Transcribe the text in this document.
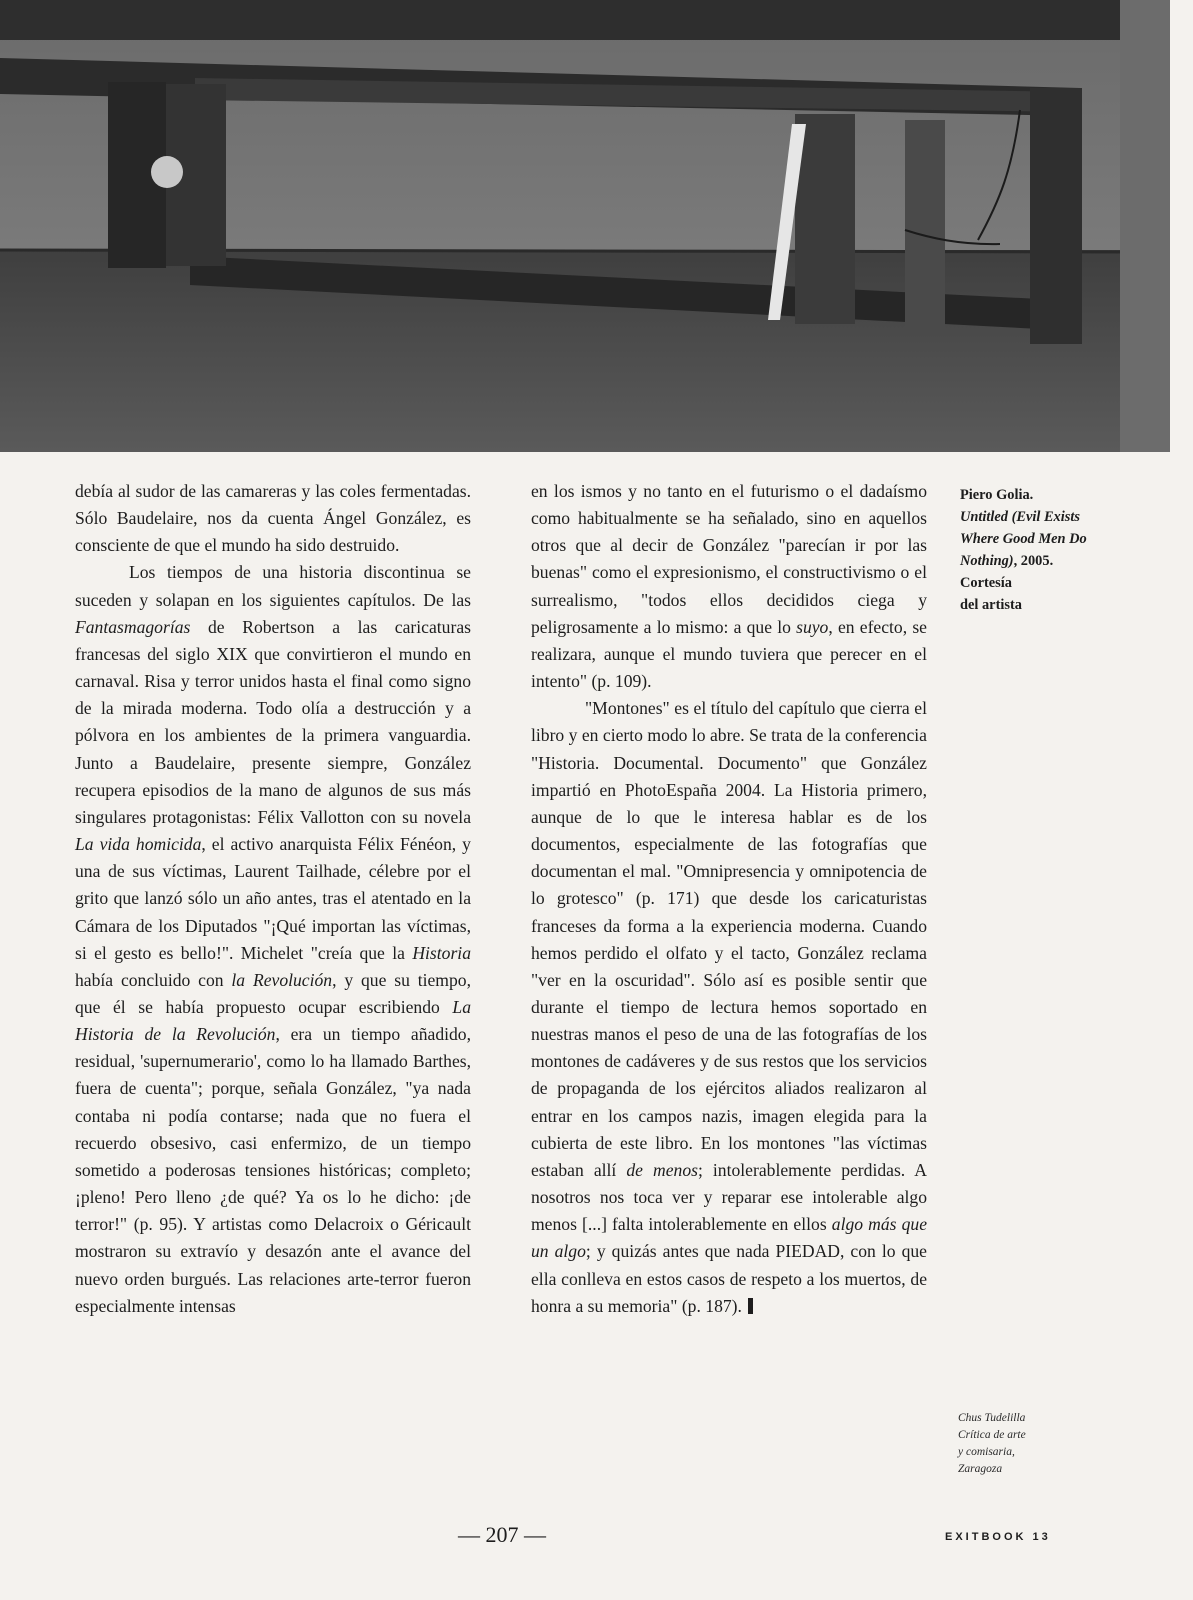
debía al sudor de las camareras y las coles fermentadas. Sólo Baudelaire, nos da cuenta Ángel González, es consciente de que el mundo ha sido destruido.

Los tiempos de una historia discontinua se suceden y solapan en los siguientes capítulos. De las Fantasmagorías de Robertson a las caricaturas francesas del siglo XIX que convirtieron el mundo en carnaval. Risa y terror unidos hasta el final como signo de la mirada moderna. Todo olía a destrucción y a pólvora en los ambientes de la primera vanguardia. Junto a Baudelaire, presente siempre, González recupera episodios de la mano de algunos de sus más singulares protagonistas: Félix Vallotton con su novela La vida homicida, el activo anarquista Félix Fénéon, y una de sus víctimas, Laurent Tailhade, célebre por el grito que lanzó sólo un año antes, tras el atentado en la Cámara de los Diputados "¡Qué importan las víctimas, si el gesto es bello!". Michelet "creía que la Historia había concluido con la Revolución, y que su tiempo, que él se había propuesto ocupar escribiendo La Historia de la Revolución, era un tiempo añadido, residual, 'supernumerario', como lo ha llamado Barthes, fuera de cuenta"; porque, señala González, "ya nada contaba ni podía contarse; nada que no fuera el recuerdo obsesivo, casi enfermizo, de un tiempo sometido a poderosas tensiones históricas; completo; ¡pleno! Pero lleno ¿de qué? Ya os lo he dicho: ¡de terror!" (p. 95). Y artistas como Delacroix o Géricault mostraron su extravío y desazón ante el avance del nuevo orden burgués. Las relaciones arte-terror fueron especialmente intensas

en los ismos y no tanto en el futurismo o el dadaísmo como habitualmente se ha señalado, sino en aquellos otros que al decir de González "parecían ir por las buenas" como el expresionismo, el constructivismo o el surrealismo, "todos ellos decididos ciega y peligrosamente a lo mismo: a que lo suyo, en efecto, se realizara, aunque el mundo tuviera que perecer en el intento" (p. 109).

"Montones" es el título del capítulo que cierra el libro y en cierto modo lo abre. Se trata de la conferencia "Historia. Documental. Documento" que González impartió en PhotoEspaña 2004. La Historia primero, aunque de lo que le interesa hablar es de los documentos, especialmente de las fotografías que documentan el mal. "Omnipresencia y omnipotencia de lo grotesco" (p. 171) que desde los caricaturistas franceses da forma a la experiencia moderna. Cuando hemos perdido el olfato y el tacto, González reclama "ver en la oscuridad". Sólo así es posible sentir que durante el tiempo de lectura hemos soportado en nuestras manos el peso de una de las fotografías de los montones de cadáveres y de sus restos que los servicios de propaganda de los ejércitos aliados realizaron al entrar en los campos nazis, imagen elegida para la cubierta de este libro. En los montones "las víctimas estaban allí de menos; intolerablemente perdidas. A nosotros nos toca ver y reparar ese intolerable algo menos [...] falta intolerablemente en ellos algo más que un algo; y quizás antes que nada PIEDAD, con lo que ella conlleva en estos casos de respeto a los muertos, de honra a su memoria" (p. 187).

Piero Golia.
Untitled (Evil Exists Where Good Men Do Nothing), 2005.
Cortesía
del artista
Chus Tudelilla
Crítica de arte
y comisaria,
Zaragoza
— 207 —	EXITBOOK 13
